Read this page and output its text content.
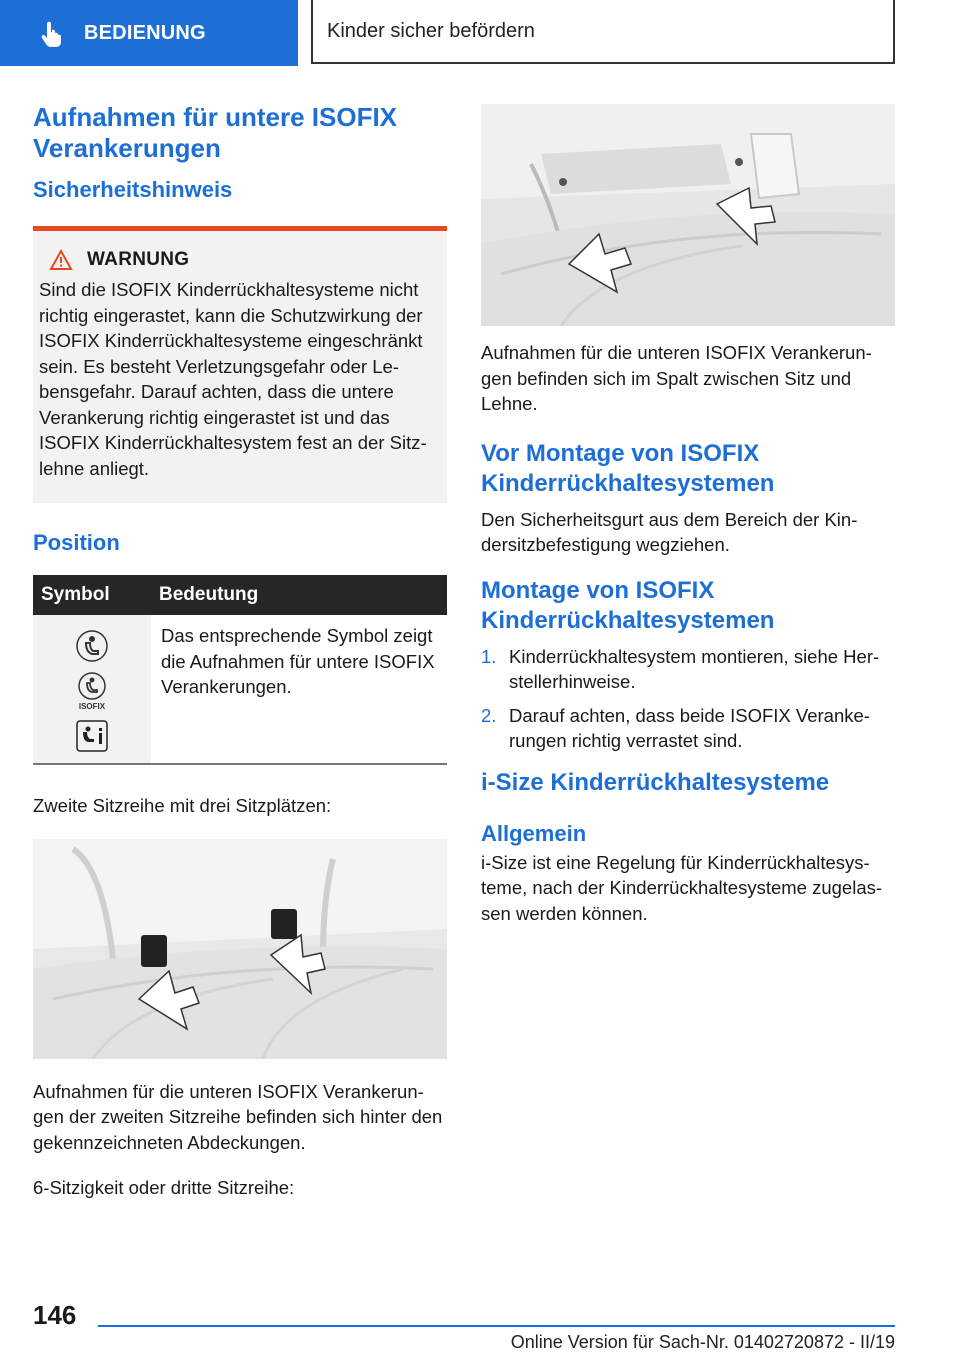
BEDIENUNG	Kinder sicher befördern
Aufnahmen für untere ISOFIX Verankerungen
Sicherheitshinweis
WARNUNG

Sind die ISOFIX Kinderrückhaltesysteme nicht richtig eingerastet, kann die Schutzwirkung der ISOFIX Kinderrückhaltesysteme eingeschränkt sein. Es besteht Verletzungsgefahr oder Lebensgefahr. Darauf achten, dass die untere Verankerung richtig eingerastet ist und das ISOFIX Kinderrückhaltesystem fest an der Sitzlehne anliegt.

Position
Symbol	Bedeutung

ISOFIX	Das entsprechende Symbol zeigt die Aufnahmen für untere ISOFIX Verankerungen.

Zweite Sitzreihe mit drei Sitzplätzen:

Aufnahmen für die unteren ISOFIX Verankerungen der zweiten Sitzreihe befinden sich hinter den gekennzeichneten Abdeckungen.

6-Sitzigkeit oder dritte Sitzreihe:

Aufnahmen für die unteren ISOFIX Verankerungen befinden sich im Spalt zwischen Sitz und Lehne.

Vor Montage von ISOFIX Kinderrückhaltesystemen

Den Sicherheitsgurt aus dem Bereich der Kindersitzbefestigung wegziehen.

Montage von ISOFIX Kinderrückhaltesystemen
1. Kinderrückhaltesystem montieren, siehe Herstellerhinweise.
2. Darauf achten, dass beide ISOFIX Verankerungen richtig verrastet sind.
i-Size Kinderrückhaltesysteme
Allgemein

i-Size ist eine Regelung für Kinderrückhaltesysteme, nach der Kinderrückhaltesysteme zugelassen werden können.

146
Online Version für Sach-Nr. 01402720872 - II/19
